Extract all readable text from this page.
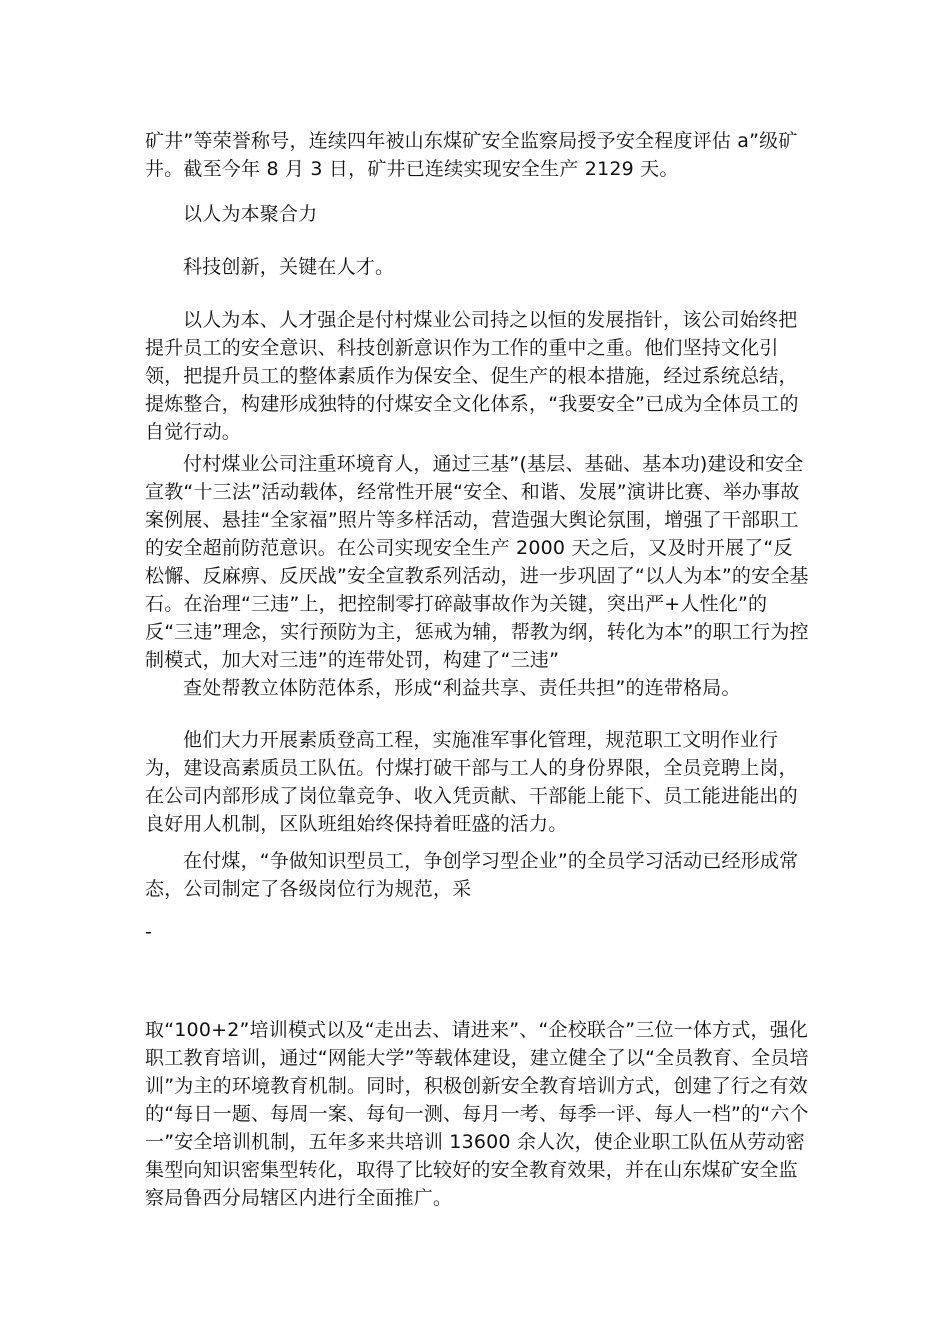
矿井”等荣誉称号，连续四年被山东煤矿安全监察局授予安全程度评估 a”级矿井。截至今年 8 月 3 日，矿井已连续实现安全生产 2129 天。

以人为本聚合力

科技创新，关键在人才。

以人为本、人才强企是付村煤业公司持之以恒的发展指针，该公司始终把提升员工的安全意识、科技创新意识作为工作的重中之重。他们坚持文化引领，把提升员工的整体素质作为保安全、促生产的根本措施，经过系统总结，提炼整合，构建形成独特的付煤安全文化体系，“我要安全”已成为全体员工的自觉行动。

付村煤业公司注重环境育人，通过三基”(基层、基础、基本功)建设和安全宣教“十三法”活动载体，经常性开展“安全、和谐、发展”演讲比赛、举办事故案例展、悬挂“全家福”照片等多样活动，营造强大舆论氛围，增强了干部职工的安全超前防范意识。在公司实现安全生产 2000 天之后，又及时开展了“反松懈、反麻痹、反厌战”安全宣教系列活动，进一步巩固了“以人为本”的安全基石。在治理“三违”上，把控制零打碎敲事故作为关键，突出严+人性化”的反“三违”理念，实行预防为主，惩戒为辅，帮教为纲，转化为本”的职工行为控制模式，加大对三违”的连带处罚，构建了“三违”

查处帮教立体防范体系，形成“利益共享、责任共担”的连带格局。

他们大力开展素质登高工程，实施准军事化管理，规范职工文明作业行为，建设高素质员工队伍。付煤打破干部与工人的身份界限，全员竞聘上岗，在公司内部形成了岗位靠竞争、收入凭贡献、干部能上能下、员工能进能出的良好用人机制，区队班组始终保持着旺盛的活力。

在付煤，“争做知识型员工，争创学习型企业”的全员学习活动已经形成常态，公司制定了各级岗位行为规范，采

-

取“100+2”培训模式以及“走出去、请进来”、“企校联合”三位一体方式，强化职工教育培训，通过“网能大学”等载体建设，建立健全了以“全员教育、全员培训”为主的环境教育机制。同时，积极创新安全教育培训方式，创建了行之有效的“每日一题、每周一案、每旬一测、每月一考、每季一评、每人一档”的“六个一”安全培训机制，五年多来共培训 13600 余人次，使企业职工队伍从劳动密集型向知识密集型转化，取得了比较好的安全教育效果，并在山东煤矿安全监察局鲁西分局辖区内进行全面推广。
